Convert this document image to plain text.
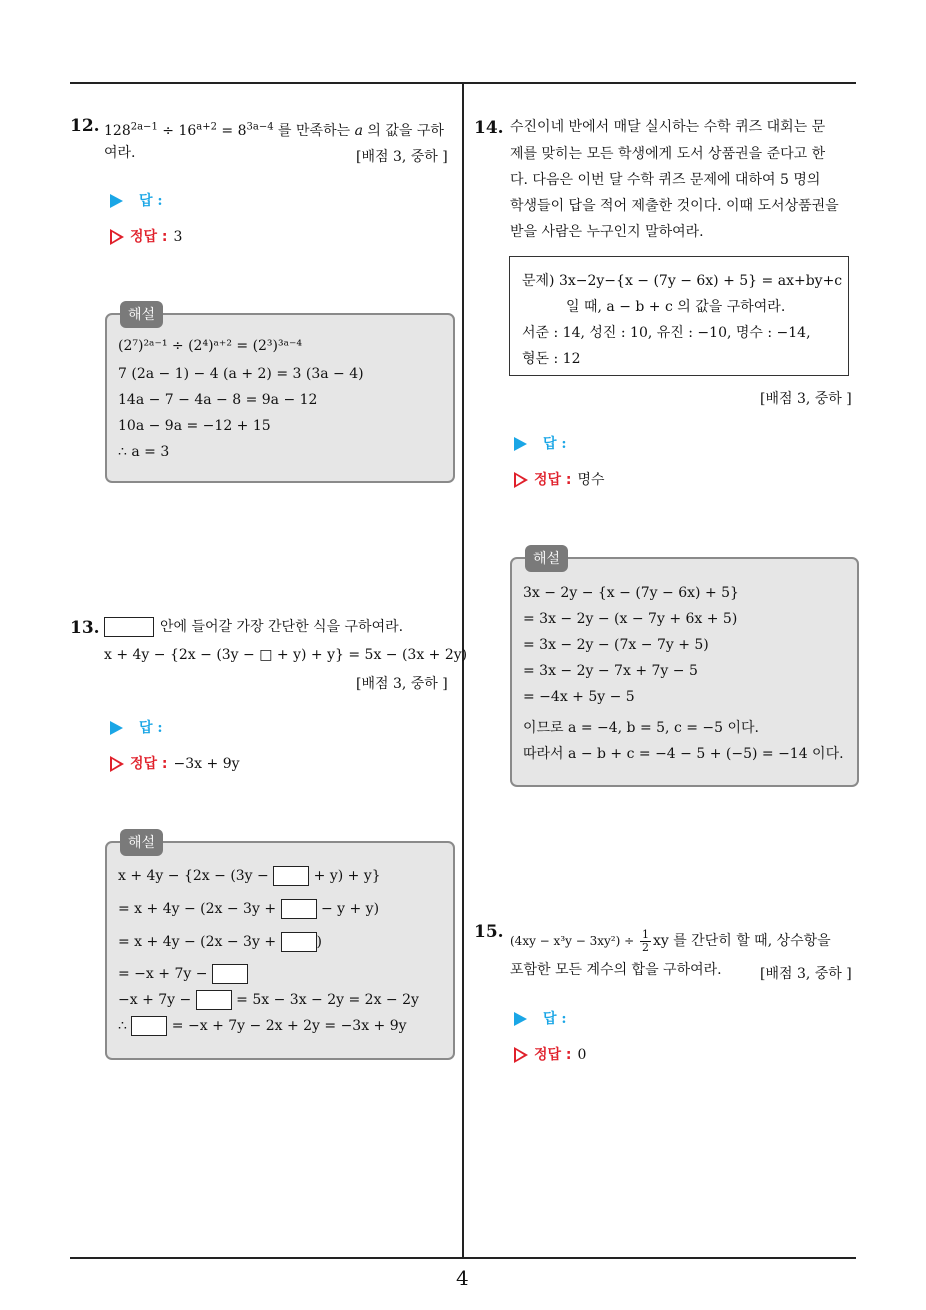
12. $128^{2a-1} \div 16^{a+2} = 8^{3a-4}$ 를 만족하는 a 의 값을 구하
여라.	[배점 3, 중하 ]
답 :
정답 : 3
해설
(2⁷)²ᵃ⁻¹ ÷ (2⁴)ᵃ⁺² = (2³)³ᵃ⁻⁴
7 (2a − 1) − 4 (a + 2) = 3 (3a − 4)
14a − 7 − 4a − 8 = 9a − 12
10a − 9a = −12 + 15
∴ a = 3
13.	안에 들어갈 가장 간단한 식을 구하여라.
x + 4y − {2x − (3y − □ + y) + y} = 5x − (3x + 2y)
[배점 3, 중하 ]
답 :
정답 : −3x + 9y
해설
x + 4y − {2x − (3y −	+ y) + y}
= x + 4y − (2x − 3y +	− y + y)
= x + 4y − (2x − 3y +	)
= −x + 7y −
−x + 7y −	= 5x − 3x − 2y = 2x − 2y
∴	= −x + 7y − 2x + 2y = −3x + 9y
14. 수진이네 반에서 매달 실시하는 수학 퀴즈 대회는 문
제를 맞히는 모든 학생에게 도서 상품권을 준다고 한
다. 다음은 이번 달 수학 퀴즈 문제에 대하여 5 명의
학생들이 답을 적어 제출한 것이다. 이때 도서상품권을
받을 사람은 누구인지 말하여라.
문제) 3x−2y−{x − (7y − 6x) + 5} = ax+by+c
일 때, a − b + c 의 값을 구하여라.
서준 : 14, 성진 : 10, 유진 : −10, 명수 : −14,
형돈 : 12
[배점 3, 중하 ]
답 :
정답 : 명수
해설
3x − 2y − {x − (7y − 6x) + 5}
= 3x − 2y − (x − 7y + 6x + 5)
= 3x − 2y − (7x − 7y + 5)
= 3x − 2y − 7x + 7y − 5
= −4x + 5y − 5
이므로 a = −4, b = 5, c = −5 이다.
따라서 a − b + c = −4 − 5 + (−5) = −14 이다.
15. $(4xy - x^3y - 3xy^2) \div \frac{1}{2}$ xy 를 간단히 할 때, 상수항을
포함한 모든 계수의 합을 구하여라.	[배점 3, 중하 ]
답 :
정답 : 0
4
